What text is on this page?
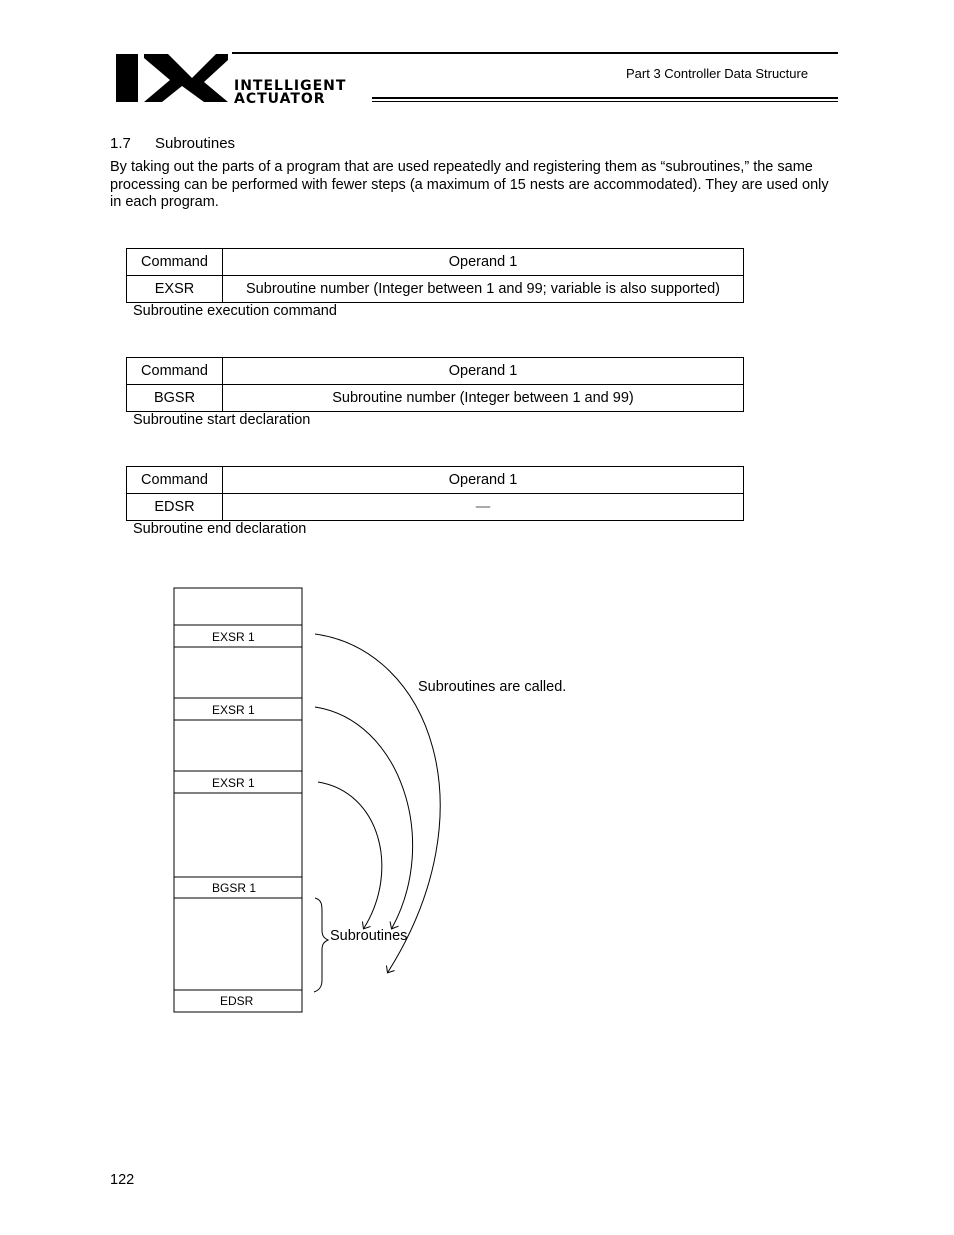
INTELLIGENT
ACTUATOR
Part 3 Controller Data Structure
1.7 Subroutines
By taking out the parts of a program that are used repeatedly and registering them as “subroutines,” the same processing can be performed with fewer steps (a maximum of 15 nests are accommodated). They are used only in each program.
Command	Operand 1
EXSR	Subroutine number (Integer between 1 and 99; variable is also supported)
Subroutine execution command
Command	Operand 1
BGSR	Subroutine number (Integer between 1 and 99)
Subroutine start declaration
Command	Operand 1
EDSR	—
Subroutine end declaration
EXSR 1
EXSR 1
EXSR 1
BGSR 1
EDSR
Subroutines are called.
Subroutines
122
